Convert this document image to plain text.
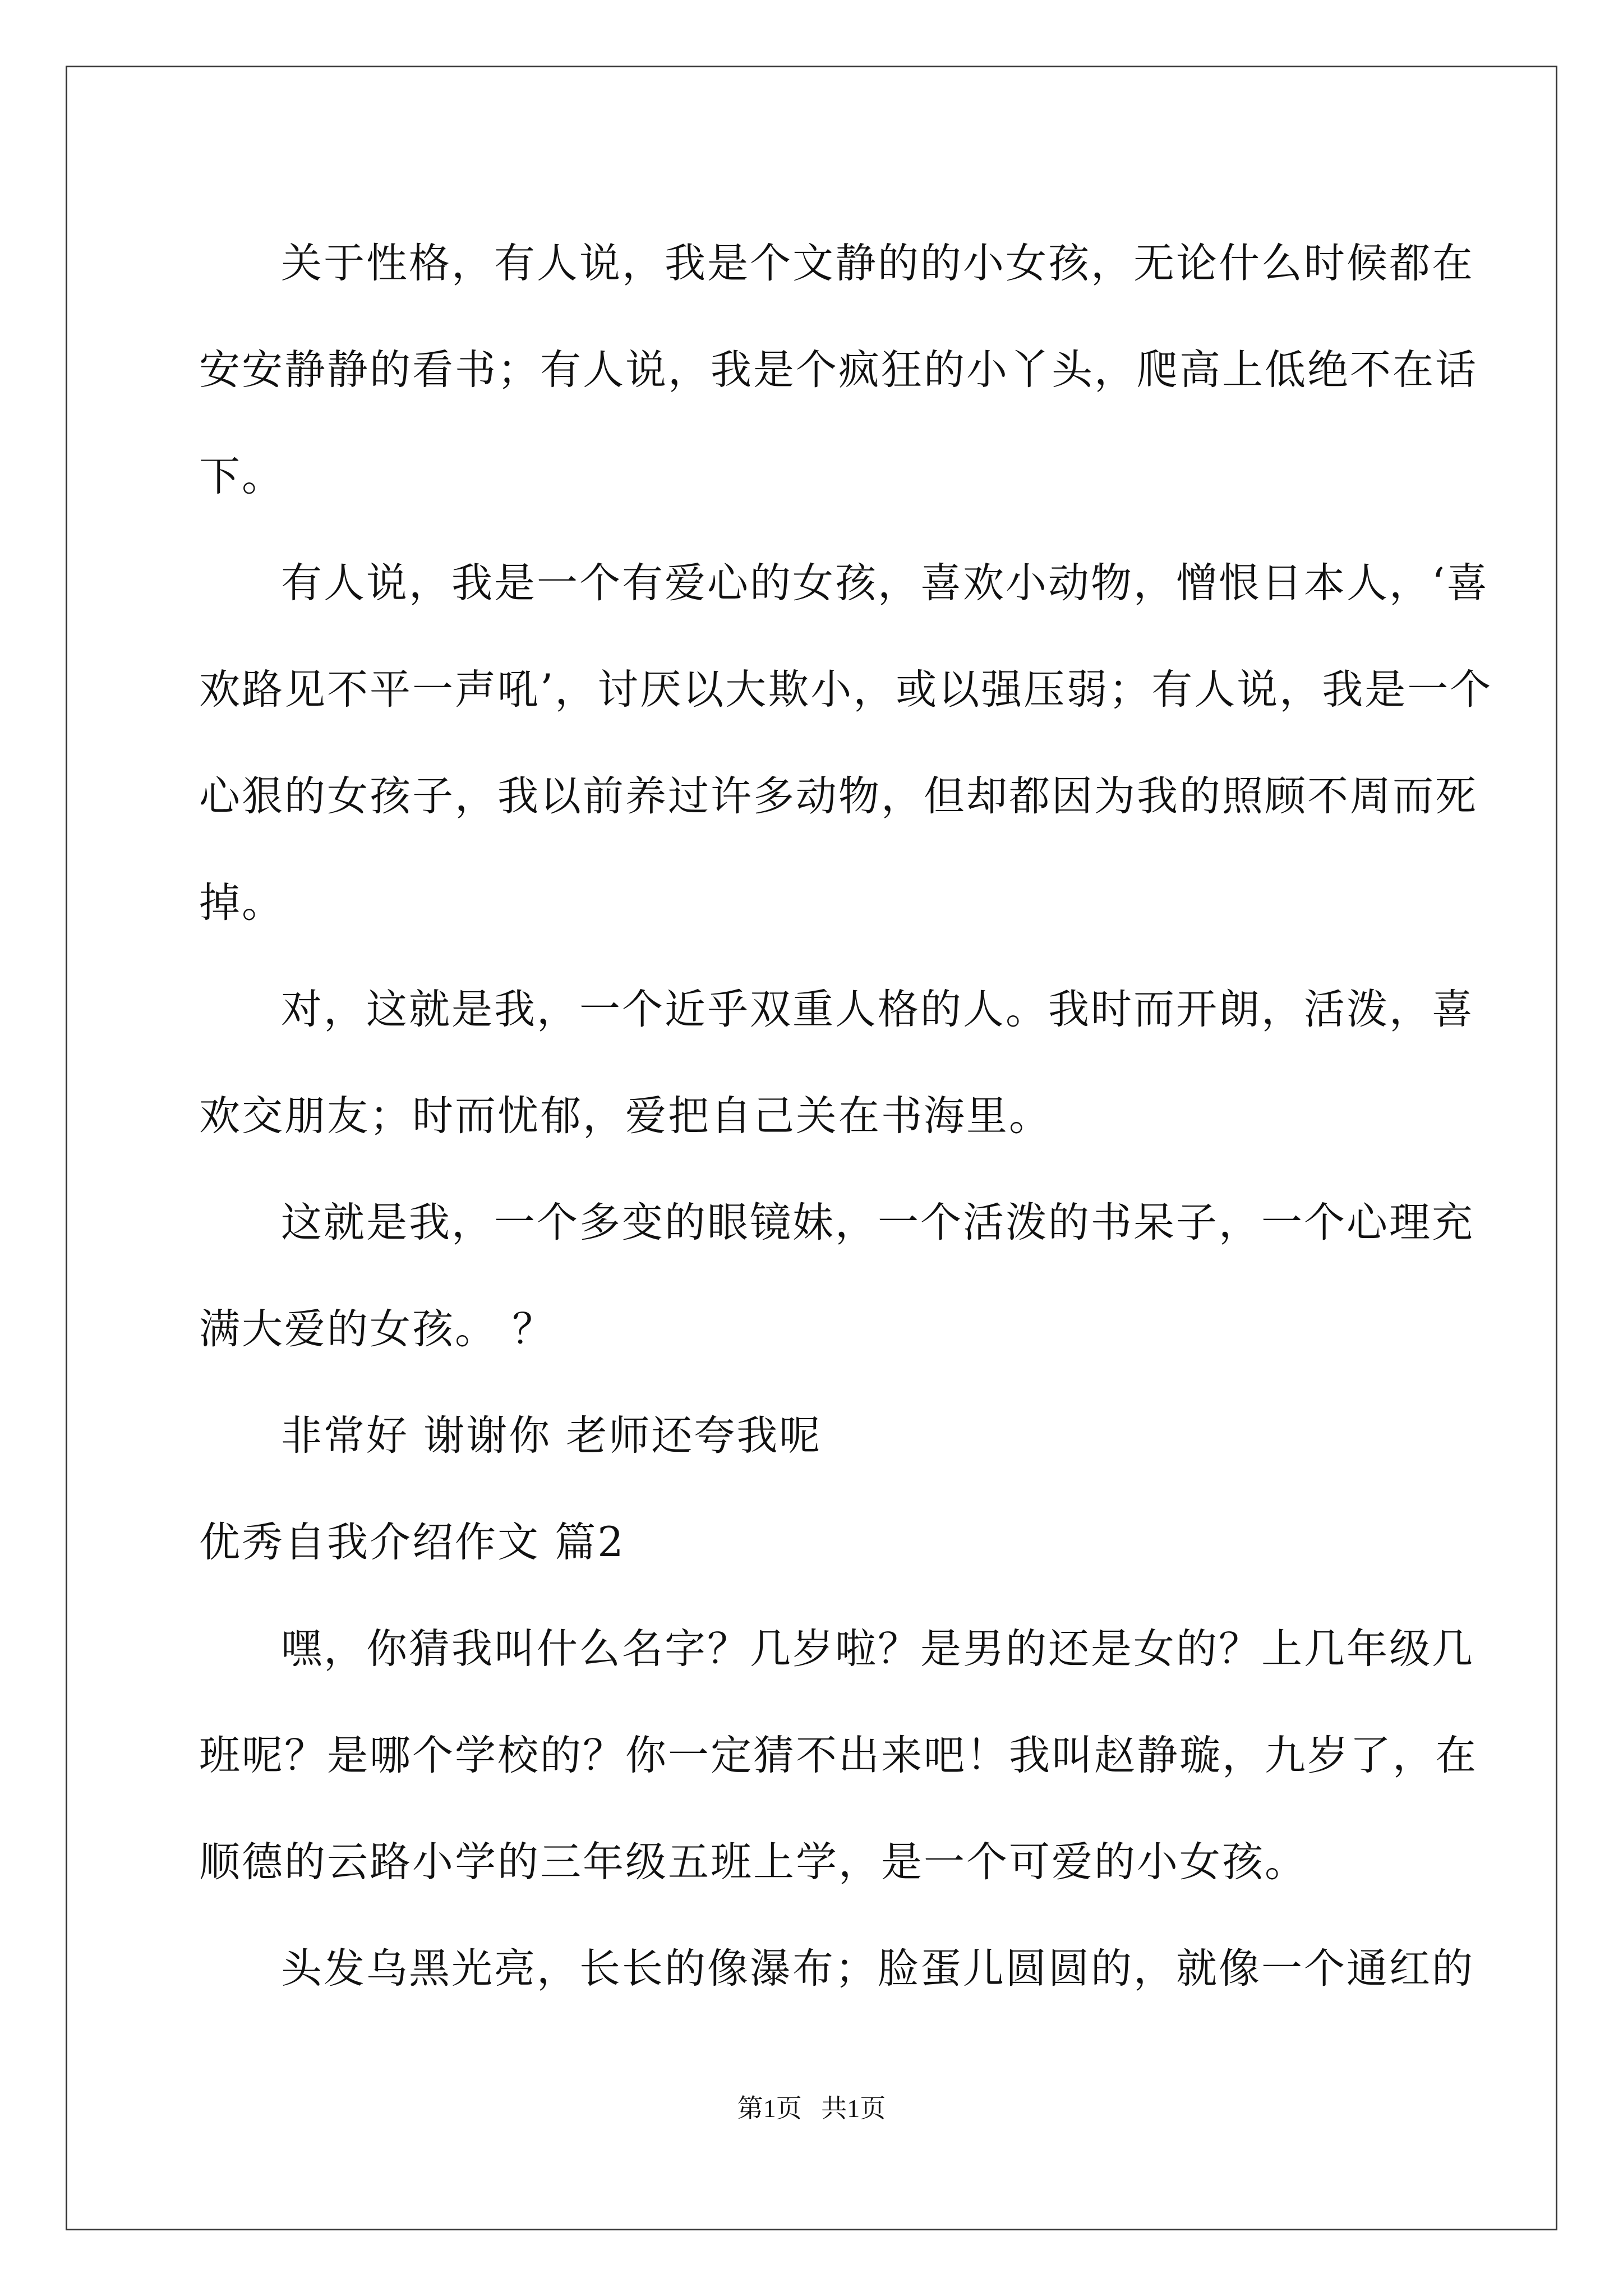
关于性格，有人说，我是个文静的的小女孩，无论什么时候都在
安安静静的看书；有人说，我是个疯狂的小丫头，爬高上低绝不在话
下。
有人说，我是一个有爱心的女孩，喜欢小动物，憎恨日本人，‘喜
欢路见不平一声吼’，讨厌以大欺小，或以强压弱；有人说，我是一个
心狠的女孩子，我以前养过许多动物，但却都因为我的照顾不周而死
掉。
对，这就是我，一个近乎双重人格的人。我时而开朗，活泼，喜
欢交朋友；时而忧郁，爱把自己关在书海里。
这就是我，一个多变的眼镜妹，一个活泼的书呆子，一个心理充
满大爱的女孩。 ？
非常好 谢谢你 老师还夸我呢
优秀自我介绍作文 篇2
嘿，你猜我叫什么名字？几岁啦？是男的还是女的？上几年级几
班呢？是哪个学校的？你一定猜不出来吧！我叫赵静璇，九岁了，在
顺德的云路小学的三年级五班上学，是一个可爱的小女孩。
头发乌黑光亮，长长的像瀑布；脸蛋儿圆圆的，就像一个通红的
第1页   共1页
